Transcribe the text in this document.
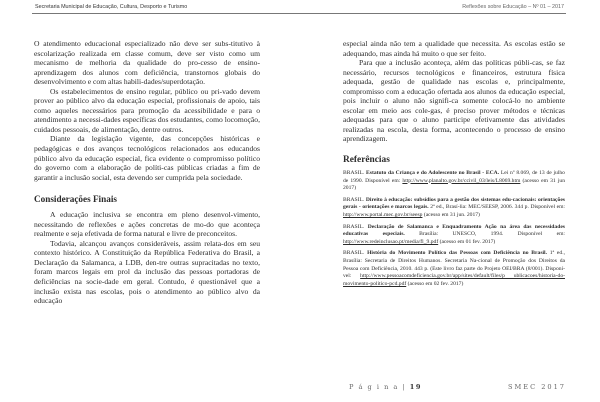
Secretaria Municipal de Educação, Cultura, Desporto e Turismo	Reflexões sobre Educação – Nº 01 – 2017

O atendimento educacional especializado não deve ser subs-titutivo à escolarização realizada em classe comum, deve ser visto como um mecanismo de melhoria da qualidade do pro-cesso de ensino-aprendizagem dos alunos com deficiência, transtornos globais do desenvolvimento e com altas habili-dades/superdotação.

Os estabelecimentos de ensino regular, público ou pri-vado devem prover ao público alvo da educação especial, profissionais de apoio, tais como aqueles necessários para promoção da acessibilidade e para o atendimento a necessi-dades específicas dos estudantes, como locomoção, cuidados pessoais, de alimentação, dentre outros.

Diante da legislação vigente, das concepções históricas e pedagógicas e dos avanços tecnológicos relacionados aos educandos público alvo da educação especial, fica evidente o compromisso político do governo com a elaboração de políti-cas públicas criadas a fim de garantir a inclusão social, esta devendo ser cumprida pela sociedade.

Considerações Finais

A educação inclusiva se encontra em pleno desenvol-vimento, necessitando de reflexões e ações concretas de mo-do que aconteça realmente e seja efetivada de forma natural e livre de preconceitos.

Todavia, alcançou avanços consideráveis, assim relata-dos em seu contexto histórico. A Constituição da República Federativa do Brasil, a Declaração da Salamanca, a LDB, den-tre outras supracitadas no texto, foram marcos legais em prol da inclusão das pessoas portadoras de deficiências na socie-dade em geral. Contudo, é questionável que a inclusão exista nas escolas, pois o atendimento ao público alvo da educação

especial ainda não tem a qualidade que necessita. As escolas estão se adequando, mas ainda há muito o que ser feito.

Para que a inclusão aconteça, além das políticas públi-cas, se faz necessário, recursos tecnológicos e financeiros, estrutura física adequada, gestão de qualidade nas escolas e, principalmente, compromisso com a educação ofertada aos alunos da educação especial, pois incluir o aluno não signifi-ca somente colocá-lo no ambiente escolar em meio aos cole-gas, é preciso prover métodos e técnicas adequadas para que o aluno participe efetivamente das atividades realizadas na escola, desta forma, acontecendo o processo de ensino aprendizagem.

Referências

BRASIL. Estatuto da Criança e do Adolescente no Brasil - ECA. Lei nº 8.069, de 13 de julho de 1990. Disponível em: http://www.planalto.gov.br/ccivil_03/leis/L8069.htm (acesso em 31 jun 2017)

BRASIL. Direito à educação: subsídios para a gestão dos sistemas edu-cacionais: orientações gerais - orientações e marcos legais. 2ª ed., Brasí-lia: MEC/SEESP, 2006. 344 p. Disponível em: http://www.portal.mec.gov.br/seesp (acesso em 31 jun. 2017)

BRASIL. Declaração de Salamanca e Enquadramento Ação na área das necessidades educativas especiais. Brasília: UNESCO, 1994. Disponível em: http://www.redeinclusao.pt/media/fl_9.pdf (acesso em 01 fev. 2017)

BRASIL. História do Movimento Político das Pessoas com Deficiência no Brasil. 1ª ed., Brasília: Secretaria de Direitos Humanos. Secretaria Na-cional de Promoção dos Direitos da Pessoa com Deficiência, 2010. 443 p. (Este livro faz parte do Projeto OEI/BRA (8/001). Disponí-vel: http://www.pessoacomdeficiencia.gov.br/app/sites/default/files/p ublicacoes/historia-do-movimento-politico-pcd.pdf (acesso em 02 fev. 2017)

P á g i n a | 19	SMEC 2017
